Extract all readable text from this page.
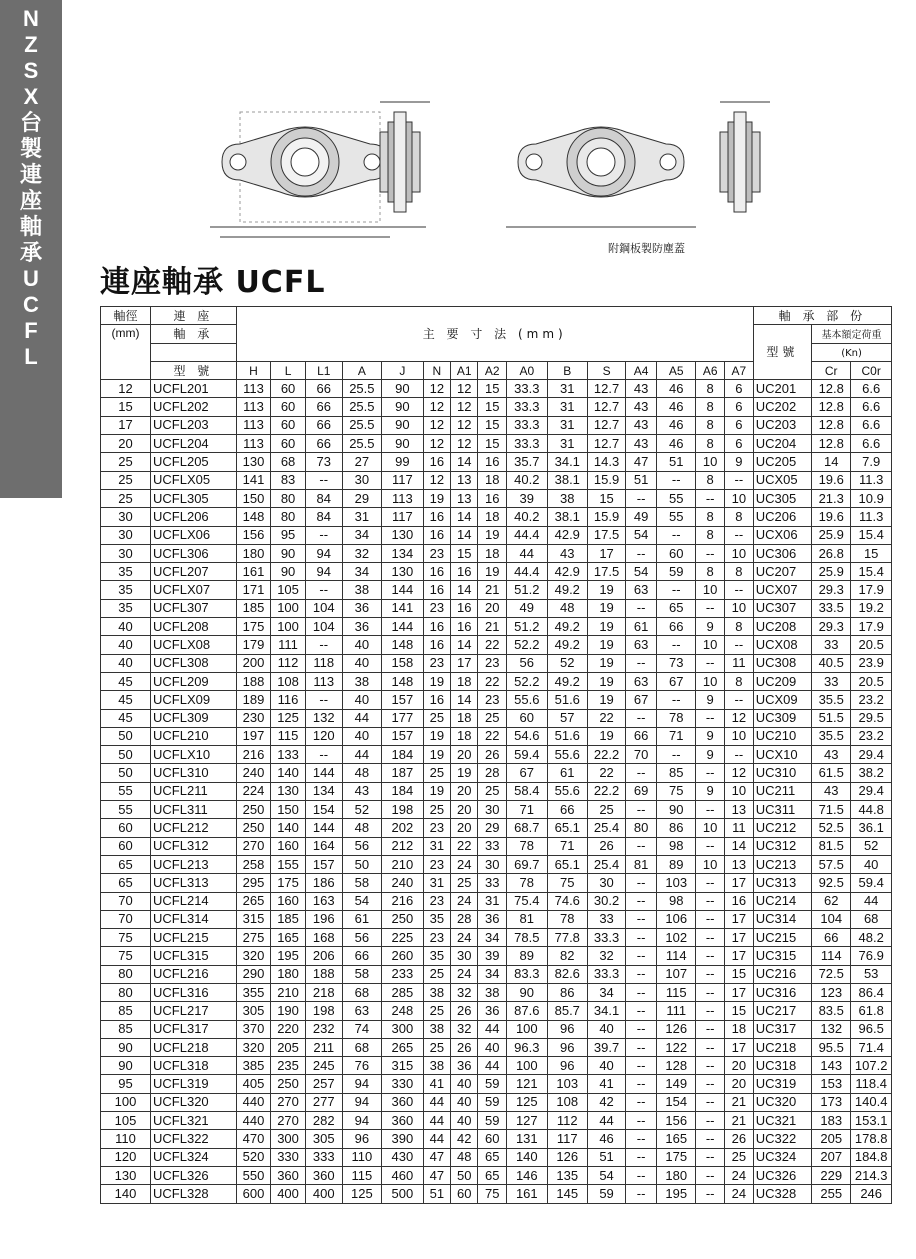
N
Z
S
X
台
製
連
座
軸
承
U
C
F
L
附鋼板製防塵蓋
連座軸承 UCFL
軸徑	連 座	主 要 寸 法 (mm)															軸 承 部 份		
(mm)	軸 承																型號	基本額定荷重	
																		(Kn)	
	型 號	H	L	L1	A	J	N	A1	A2	A0	B	S	A4	A5	A6	A7		Cr	C0r
12	UCFL201	113	60	66	25.5	90	12	12	15	33.3	31	12.7	43	46	8	6	UC201	12.8	6.6
15	UCFL202	113	60	66	25.5	90	12	12	15	33.3	31	12.7	43	46	8	6	UC202	12.8	6.6
17	UCFL203	113	60	66	25.5	90	12	12	15	33.3	31	12.7	43	46	8	6	UC203	12.8	6.6
20	UCFL204	113	60	66	25.5	90	12	12	15	33.3	31	12.7	43	46	8	6	UC204	12.8	6.6
25	UCFL205	130	68	73	27	99	16	14	16	35.7	34.1	14.3	47	51	10	9	UC205	14	7.9
25	UCFLX05	141	83	--	30	117	12	13	18	40.2	38.1	15.9	51	--	8	--	UCX05	19.6	11.3
25	UCFL305	150	80	84	29	113	19	13	16	39	38	15	--	55	--	10	UC305	21.3	10.9
30	UCFL206	148	80	84	31	117	16	14	18	40.2	38.1	15.9	49	55	8	8	UC206	19.6	11.3
30	UCFLX06	156	95	--	34	130	16	14	19	44.4	42.9	17.5	54	--	8	--	UCX06	25.9	15.4
30	UCFL306	180	90	94	32	134	23	15	18	44	43	17	--	60	--	10	UC306	26.8	15
35	UCFL207	161	90	94	34	130	16	16	19	44.4	42.9	17.5	54	59	8	8	UC207	25.9	15.4
35	UCFLX07	171	105	--	38	144	16	14	21	51.2	49.2	19	63	--	10	--	UCX07	29.3	17.9
35	UCFL307	185	100	104	36	141	23	16	20	49	48	19	--	65	--	10	UC307	33.5	19.2
40	UCFL208	175	100	104	36	144	16	16	21	51.2	49.2	19	61	66	9	8	UC208	29.3	17.9
40	UCFLX08	179	111	--	40	148	16	14	22	52.2	49.2	19	63	--	10	--	UCX08	33	20.5
40	UCFL308	200	112	118	40	158	23	17	23	56	52	19	--	73	--	11	UC308	40.5	23.9
45	UCFL209	188	108	113	38	148	19	18	22	52.2	49.2	19	63	67	10	8	UC209	33	20.5
45	UCFLX09	189	116	--	40	157	16	14	23	55.6	51.6	19	67	--	9	--	UCX09	35.5	23.2
45	UCFL309	230	125	132	44	177	25	18	25	60	57	22	--	78	--	12	UC309	51.5	29.5
50	UCFL210	197	115	120	40	157	19	18	22	54.6	51.6	19	66	71	9	10	UC210	35.5	23.2
50	UCFLX10	216	133	--	44	184	19	20	26	59.4	55.6	22.2	70	--	9	--	UCX10	43	29.4
50	UCFL310	240	140	144	48	187	25	19	28	67	61	22	--	85	--	12	UC310	61.5	38.2
55	UCFL211	224	130	134	43	184	19	20	25	58.4	55.6	22.2	69	75	9	10	UC211	43	29.4
55	UCFL311	250	150	154	52	198	25	20	30	71	66	25	--	90	--	13	UC311	71.5	44.8
60	UCFL212	250	140	144	48	202	23	20	29	68.7	65.1	25.4	80	86	10	11	UC212	52.5	36.1
60	UCFL312	270	160	164	56	212	31	22	33	78	71	26	--	98	--	14	UC312	81.5	52
65	UCFL213	258	155	157	50	210	23	24	30	69.7	65.1	25.4	81	89	10	13	UC213	57.5	40
65	UCFL313	295	175	186	58	240	31	25	33	78	75	30	--	103	--	17	UC313	92.5	59.4
70	UCFL214	265	160	163	54	216	23	24	31	75.4	74.6	30.2	--	98	--	16	UC214	62	44
70	UCFL314	315	185	196	61	250	35	28	36	81	78	33	--	106	--	17	UC314	104	68
75	UCFL215	275	165	168	56	225	23	24	34	78.5	77.8	33.3	--	102	--	17	UC215	66	48.2
75	UCFL315	320	195	206	66	260	35	30	39	89	82	32	--	114	--	17	UC315	114	76.9
80	UCFL216	290	180	188	58	233	25	24	34	83.3	82.6	33.3	--	107	--	15	UC216	72.5	53
80	UCFL316	355	210	218	68	285	38	32	38	90	86	34	--	115	--	17	UC316	123	86.4
85	UCFL217	305	190	198	63	248	25	26	36	87.6	85.7	34.1	--	111	--	15	UC217	83.5	61.8
85	UCFL317	370	220	232	74	300	38	32	44	100	96	40	--	126	--	18	UC317	132	96.5
90	UCFL218	320	205	211	68	265	25	26	40	96.3	96	39.7	--	122	--	17	UC218	95.5	71.4
90	UCFL318	385	235	245	76	315	38	36	44	100	96	40	--	128	--	20	UC318	143	107.2
95	UCFL319	405	250	257	94	330	41	40	59	121	103	41	--	149	--	20	UC319	153	118.4
100	UCFL320	440	270	277	94	360	44	40	59	125	108	42	--	154	--	21	UC320	173	140.4
105	UCFL321	440	270	282	94	360	44	40	59	127	112	44	--	156	--	21	UC321	183	153.1
110	UCFL322	470	300	305	96	390	44	42	60	131	117	46	--	165	--	26	UC322	205	178.8
120	UCFL324	520	330	333	110	430	47	48	65	140	126	51	--	175	--	25	UC324	207	184.8
130	UCFL326	550	360	360	115	460	47	50	65	146	135	54	--	180	--	24	UC326	229	214.3
140	UCFL328	600	400	400	125	500	51	60	75	161	145	59	--	195	--	24	UC328	255	246
